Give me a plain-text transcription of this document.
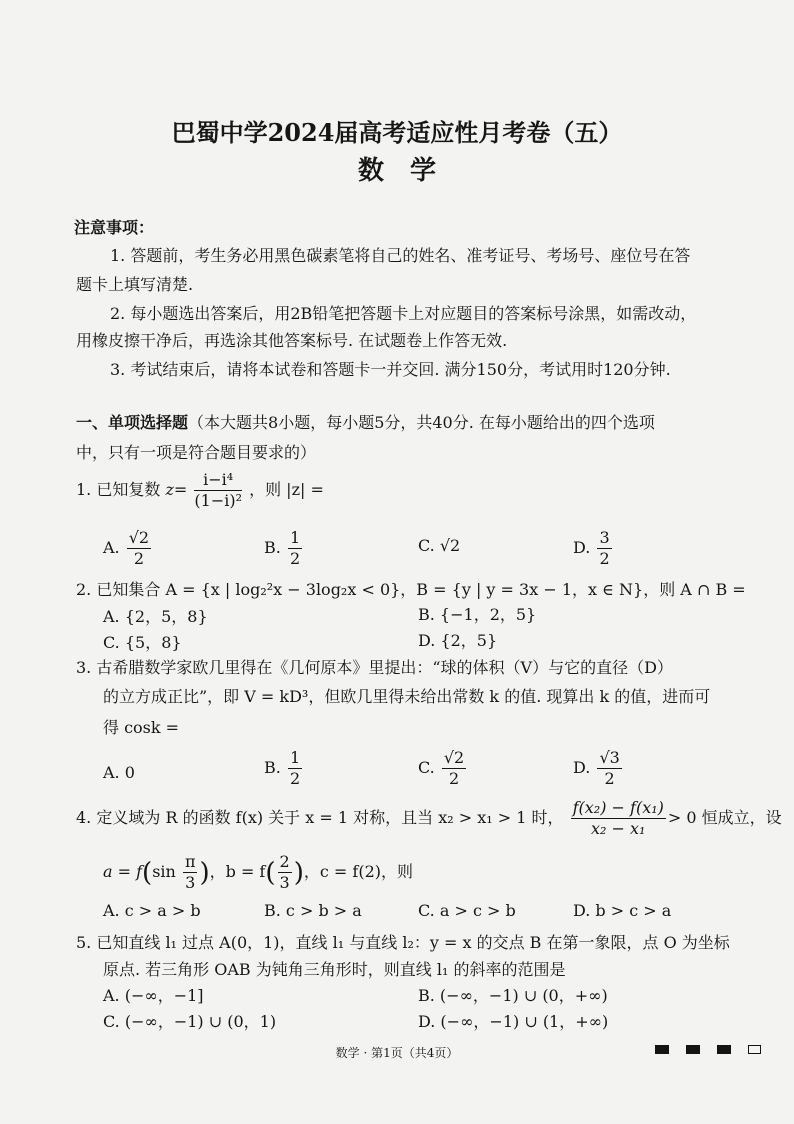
巴蜀中学2024届高考适应性月考卷（五）
数　学
注意事项：
1. 答题前，考生务必用黑色碳素笔将自己的姓名、准考证号、考场号、座位号在答
题卡上填写清楚.
2. 每小题选出答案后，用2B铅笔把答题卡上对应题目的答案标号涂黑，如需改动，
用橡皮擦干净后，再选涂其他答案标号. 在试题卷上作答无效.
3. 考试结束后，请将本试卷和答题卡一并交回. 满分150分，考试用时120分钟.
一、单项选择题（本大题共8小题，每小题5分，共40分. 在每小题给出的四个选项
中，只有一项是符合题目要求的）
1. 已知复数 $z= \frac{\text{i−i⁴}}{\text{(1−i)²}}$ ，则 |z| =
A. $\frac{√2}{2}$	B. $\frac{1}{2}$	C. √2	D. $\frac{3}{2}$
2. 已知集合 A = {x | log₂²x − 3log₂x < 0}，B = {y | y = 3x − 1，x ∈ N}，则 A ∩ B =
A. {2，5，8}	B. {−1，2，5}
C. {5，8}	D. {2，5}
3. 古希腊数学家欧几里得在《几何原本》里提出：“球的体积（V）与它的直径（D）
的立方成正比”，即 V = kD³，但欧几里得未给出常数 k 的值. 现算出 k 的值，进而可
得 cosk =
A. 0	B. $\frac{1}{2}$	C. $\frac{√2}{2}$	D. $\frac{√3}{2}$
4. 定义域为 R 的函数 f(x) 关于 x = 1 对称，且当 x₂ > x₁ > 1 时， $\frac{\text{f(x₂) − f(x₁)}}{\text{x₂ − x₁}} > 0$ 恒成立，设
$a = f(\sin \frac{\pi}{3}$ )，$b = f( \frac{2}{3}$ )，c = f(2)，则
A. c > a > b	B. c > b > a	C. a > c > b	D. b > c > a
5. 已知直线 l₁ 过点 A(0，1)，直线 l₁ 与直线 l₂：y = x 的交点 B 在第一象限，点 O 为坐标
原点. 若三角形 OAB 为钝角三角形时，则直线 l₁ 的斜率的范围是
A. (−∞，−1]	B. (−∞，−1) ∪ (0，+∞)
C. (−∞，−1) ∪ (0，1)	D. (−∞，−1) ∪ (1，+∞)
数学 · 第1页（共4页）
